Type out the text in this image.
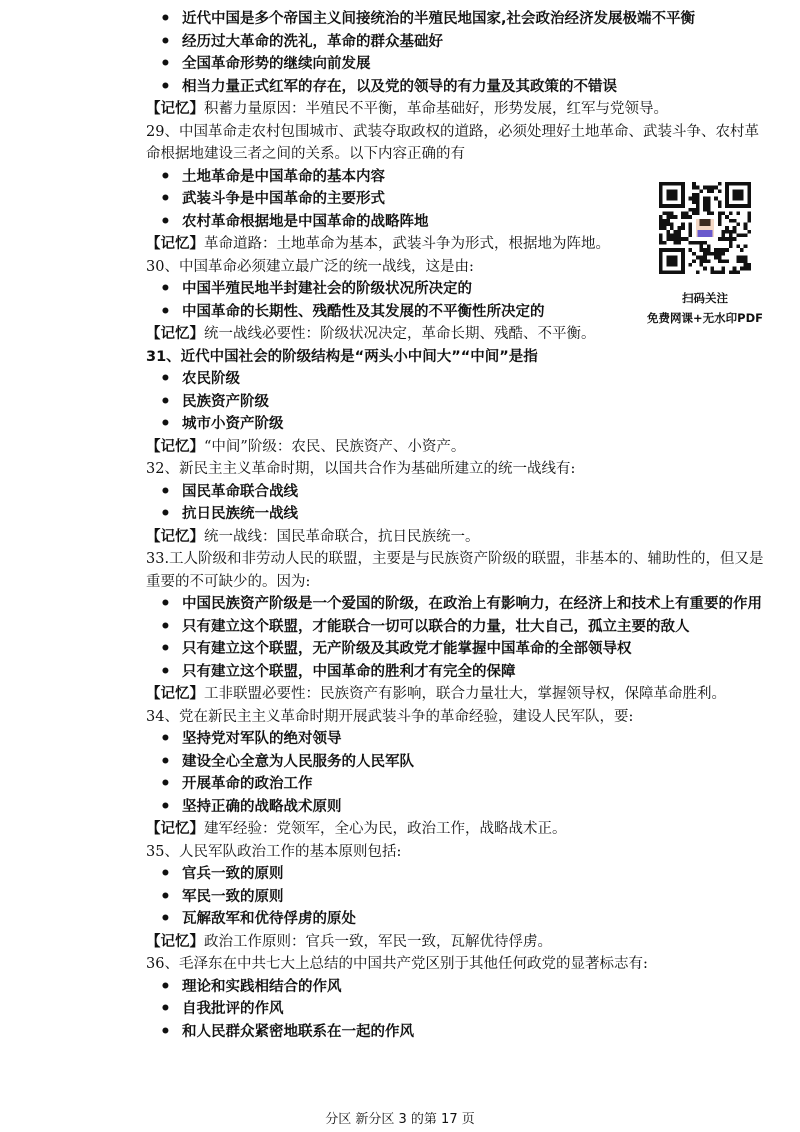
• 近代中国是多个帝国主义间接统治的半殖民地国家,社会政治经济发展极端不平衡
• 经历过大革命的洗礼，革命的群众基础好
• 全国革命形势的继续向前发展
• 相当力量正式红军的存在，以及党的领导的有力量及其政策的不错误
【记忆】积蓄力量原因：半殖民不平衡，革命基础好，形势发展，红军与党领导。
29、中国革命走农村包围城市、武装夺取政权的道路，必须处理好土地革命、武装斗争、农村革命根据地建设三者之间的关系。以下内容正确的有
• 土地革命是中国革命的基本内容
• 武装斗争是中国革命的主要形式
• 农村革命根据地是中国革命的战略阵地
【记忆】革命道路：土地革命为基本，武装斗争为形式，根据地为阵地。
30、中国革命必须建立最广泛的统一战线，这是由:
• 中国半殖民地半封建社会的阶级状况所决定的
• 中国革命的长期性、残酷性及其发展的不平衡性所决定的
【记忆】统一战线必要性：阶级状况决定，革命长期、残酷、不平衡。
31、近代中国社会的阶级结构是“两头小中间大”“中间”是指
• 农民阶级
• 民族资产阶级
• 城市小资产阶级
【记忆】“中间”阶级：农民、民族资产、小资产。
32、新民主主义革命时期，以国共合作为基础所建立的统一战线有:
• 国民革命联合战线
• 抗日民族统一战线
【记忆】统一战线：国民革命联合，抗日民族统一。
33.工人阶级和非劳动人民的联盟，主要是与民族资产阶级的联盟，非基本的、辅助性的，但又是重要的不可缺少的。因为:
• 中国民族资产阶级是一个爱国的阶级，在政治上有影响力，在经济上和技术上有重要的作用
• 只有建立这个联盟，才能联合一切可以联合的力量，壮大自己，孤立主要的敌人
• 只有建立这个联盟，无产阶级及其政党才能掌握中国革命的全部领导权
• 只有建立这个联盟，中国革命的胜利才有完全的保障
【记忆】工非联盟必要性：民族资产有影响，联合力量壮大，掌握领导权，保障革命胜利。
34、党在新民主主义革命时期开展武装斗争的革命经验，建设人民军队，要:
• 坚持党对军队的绝对领导
• 建设全心全意为人民服务的人民军队
• 开展革命的政治工作
• 坚持正确的战略战术原则
【记忆】建军经验：党领军，全心为民，政治工作，战略战术正。
35、人民军队政治工作的基本原则包括:
• 官兵一致的原则
• 军民一致的原则
• 瓦解敌军和优待俘虏的原处
【记忆】政治工作原则：官兵一致，军民一致，瓦解优待俘虏。
36、毛泽东在中共七大上总结的中国共产党区别于其他任何政党的显著标志有:
• 理论和实践相结合的作风
• 自我批评的作风
• 和人民群众紧密地联系在一起的作风
扫码关注
免费网课+无水印PDF
分区 新分区 3 的第 17 页
